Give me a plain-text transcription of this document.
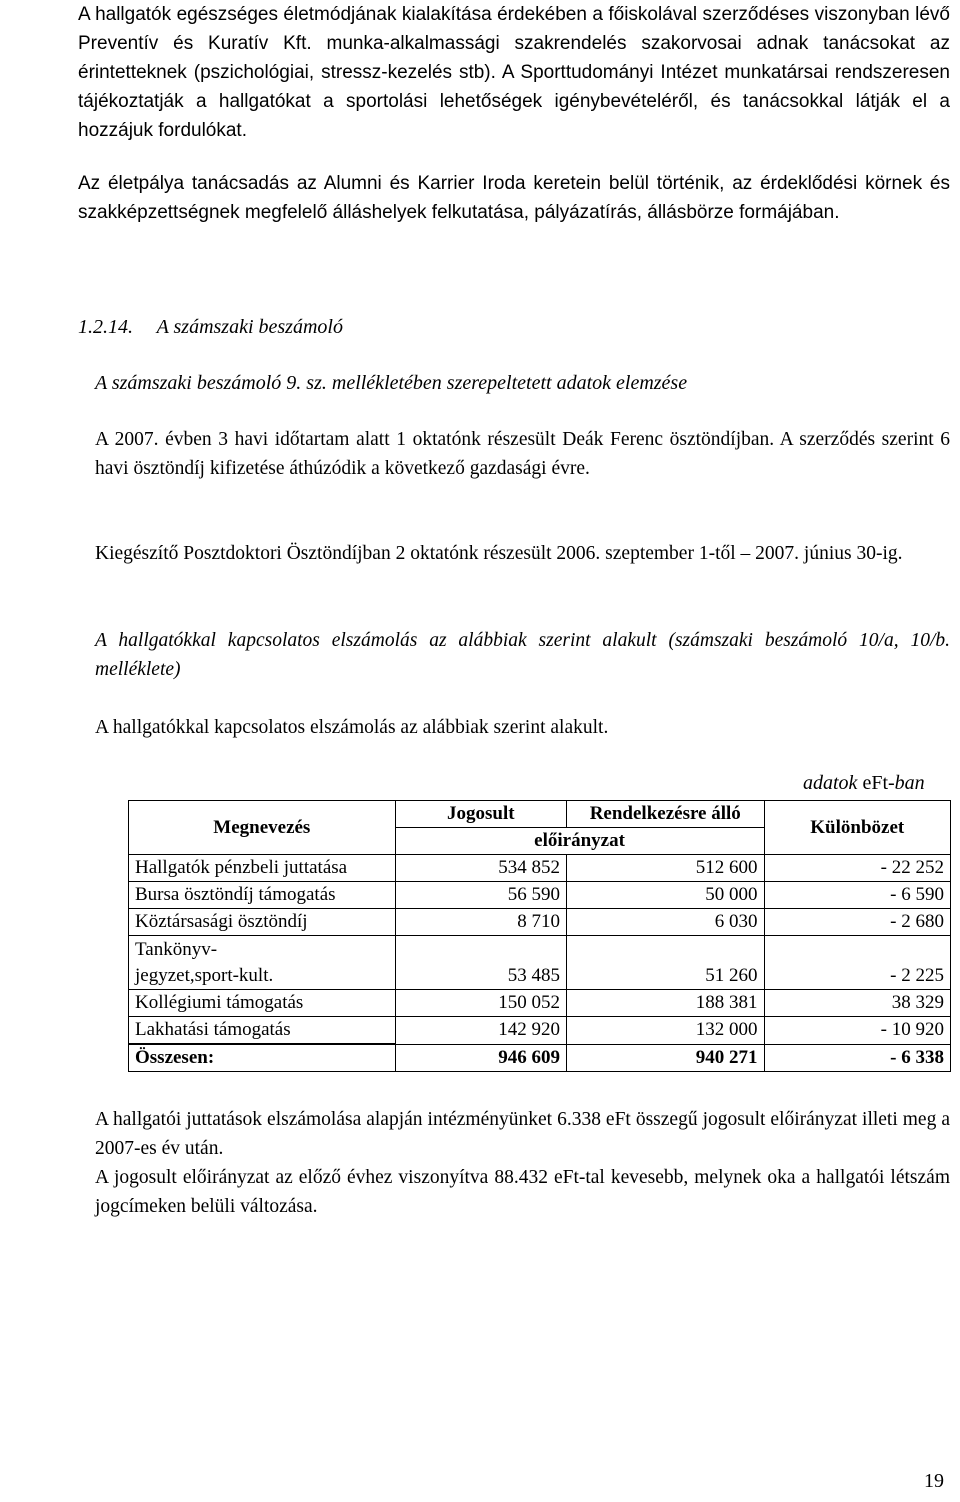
A hallgatók egészséges életmódjának kialakítása érdekében a főiskolával szerződéses viszonyban lévő Preventív és Kuratív Kft. munka-alkalmassági szakrendelés szakorvosai adnak tanácsokat az érintetteknek (pszichológiai, stressz-kezelés stb). A Sporttudományi Intézet munkatársai rendszeresen tájékoztatják a hallgatókat a sportolási lehetőségek igénybevételéről, és tanácsokkal látják el a hozzájuk fordulókat.

Az életpálya tanácsadás az Alumni és Karrier Iroda keretein belül történik, az érdeklődési körnek és szakképzettségnek megfelelő álláshelyek felkutatása, pályázatírás, állásbörze formájában.

1.2.14. A számszaki beszámoló
A számszaki beszámoló 9. sz. mellékletében szerepeltetett adatok elemzése

A 2007. évben 3 havi időtartam alatt 1 oktatónk részesült Deák Ferenc ösztöndíjban. A szerződés szerint 6 havi ösztöndíj kifizetése áthúzódik a következő gazdasági évre.

Kiegészítő Posztdoktori Ösztöndíjban 2 oktatónk részesült 2006. szeptember 1-től – 2007. június 30-ig.

A hallgatókkal kapcsolatos elszámolás az alábbiak szerint alakult (számszaki beszámoló 10/a, 10/b. melléklete)

A hallgatókkal kapcsolatos elszámolás az alábbiak szerint alakult.

adatok eFt-ban
Megnevezés	Jogosult	Rendelkezésre álló	Különbözet
	előirányzat		
Hallgatók pénzbeli juttatása	534 852	512 600	- 22 252
Bursa ösztöndíj támogatás	56 590	50 000	- 6 590
Köztársasági ösztöndíj	8 710	6 030	- 2 680
Tankönyv-jegyzet,sport-kult.	53 485	51 260	- 2 225
Kollégiumi támogatás	150 052	188 381	38 329
Lakhatási támogatás	142 920	132 000	- 10 920
Összesen:	946 609	940 271	- 6 338

A hallgatói juttatások elszámolása alapján intézményünket 6.338 eFt összegű jogosult előirányzat illeti meg a 2007-es év után.

A jogosult előirányzat az előző évhez viszonyítva 88.432 eFt-tal kevesebb, melynek oka a hallgatói létszám jogcímeken belüli változása.

19
